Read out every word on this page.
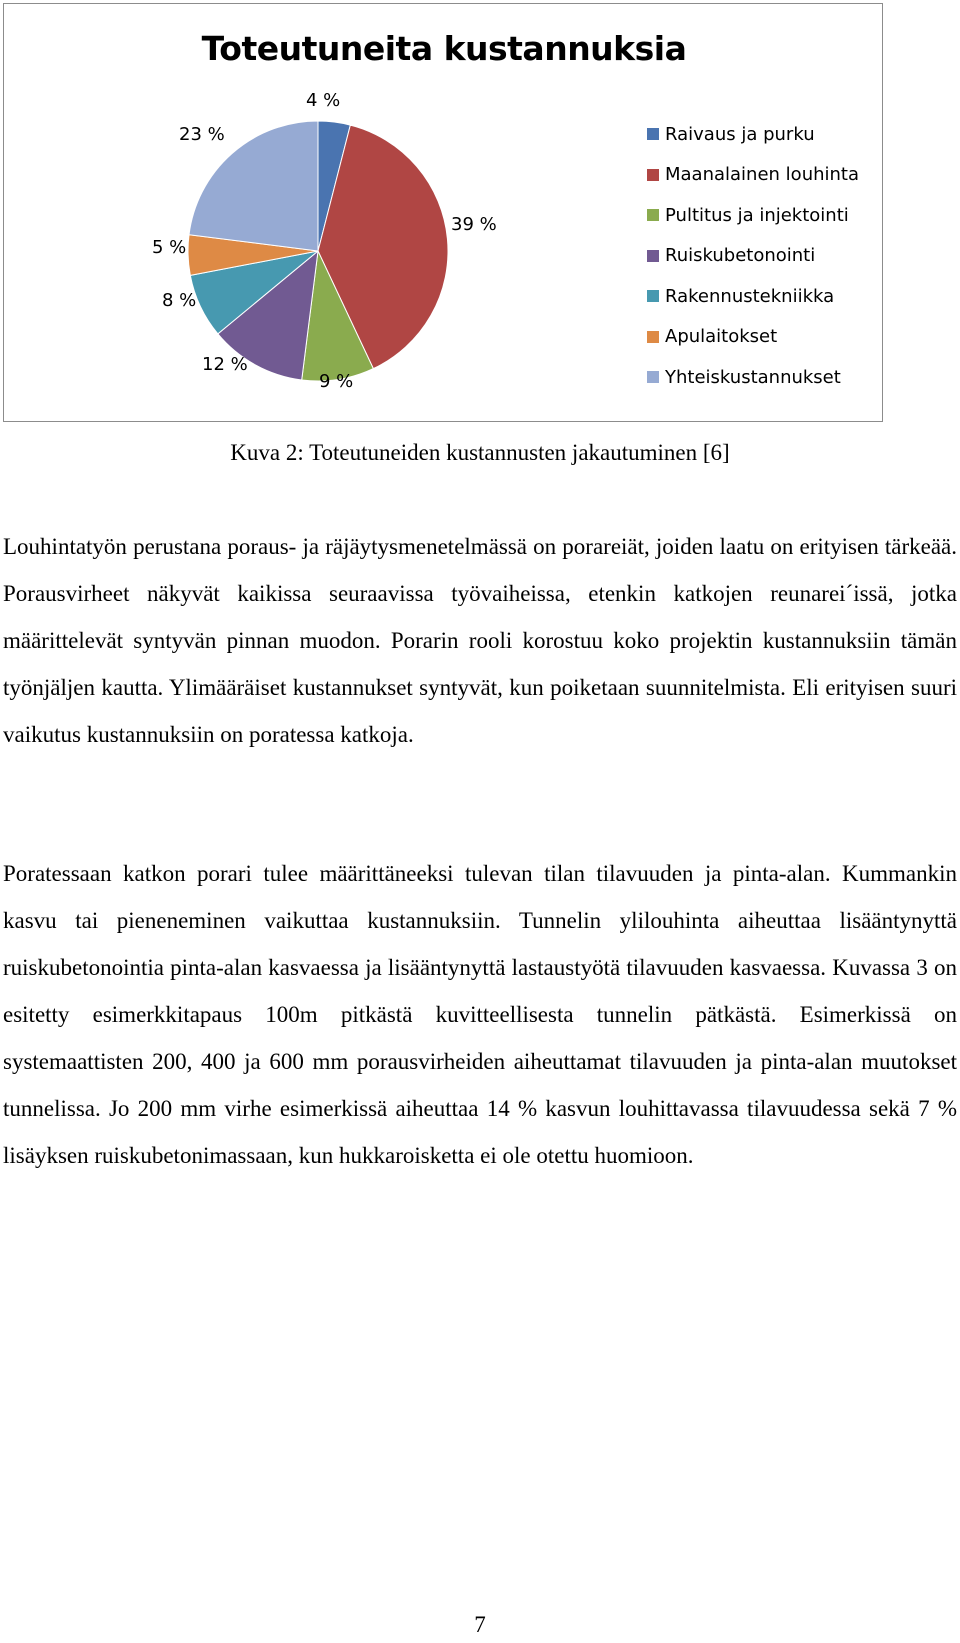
Toteutuneita kustannuksia
4 %
39 %
9 %
12 %
8 %
5 %
23 %	Raivaus ja purku
Maanalainen louhinta
Pultitus ja injektointi
Ruiskubetonointi
Rakennustekniikka
Apulaitokset
Yhteiskustannukset
Kuva 2: Toteutuneiden kustannusten jakautuminen [6]

Louhintatyön perustana poraus- ja räjäytysmenetelmässä on porareiät, joiden laatu on erityisen tärkeää. Porausvirheet näkyvät kaikissa seuraavissa työvaiheissa, etenkin katkojen reunarei´issä, jotka määrittelevät syntyvän pinnan muodon. Porarin rooli korostuu koko projektin kustannuksiin tämän työnjäljen kautta. Ylimääräiset kustannukset syntyvät, kun poiketaan suunnitelmista. Eli erityisen suuri vaikutus kustannuksiin on poratessa katkoja.

Poratessaan katkon porari tulee määrittäneeksi tulevan tilan tilavuuden ja pinta-alan. Kummankin kasvu tai pieneneminen vaikuttaa kustannuksiin. Tunnelin ylilouhinta aiheuttaa lisääntynyttä ruiskubetonointia pinta-alan kasvaessa ja lisääntynyttä lastaustyötä tilavuuden kasvaessa. Kuvassa 3 on esitetty esimerkkitapaus 100m pitkästä kuvitteellisesta tunnelin pätkästä. Esimerkissä on systemaattisten 200, 400 ja 600 mm porausvirheiden aiheuttamat tilavuuden ja pinta-alan muutokset tunnelissa. Jo 200 mm virhe esimerkissä aiheuttaa 14 % kasvun louhittavassa tilavuudessa sekä 7 % lisäyksen ruiskubetonimassaan, kun hukkaroisketta ei ole otettu huomioon.

7
